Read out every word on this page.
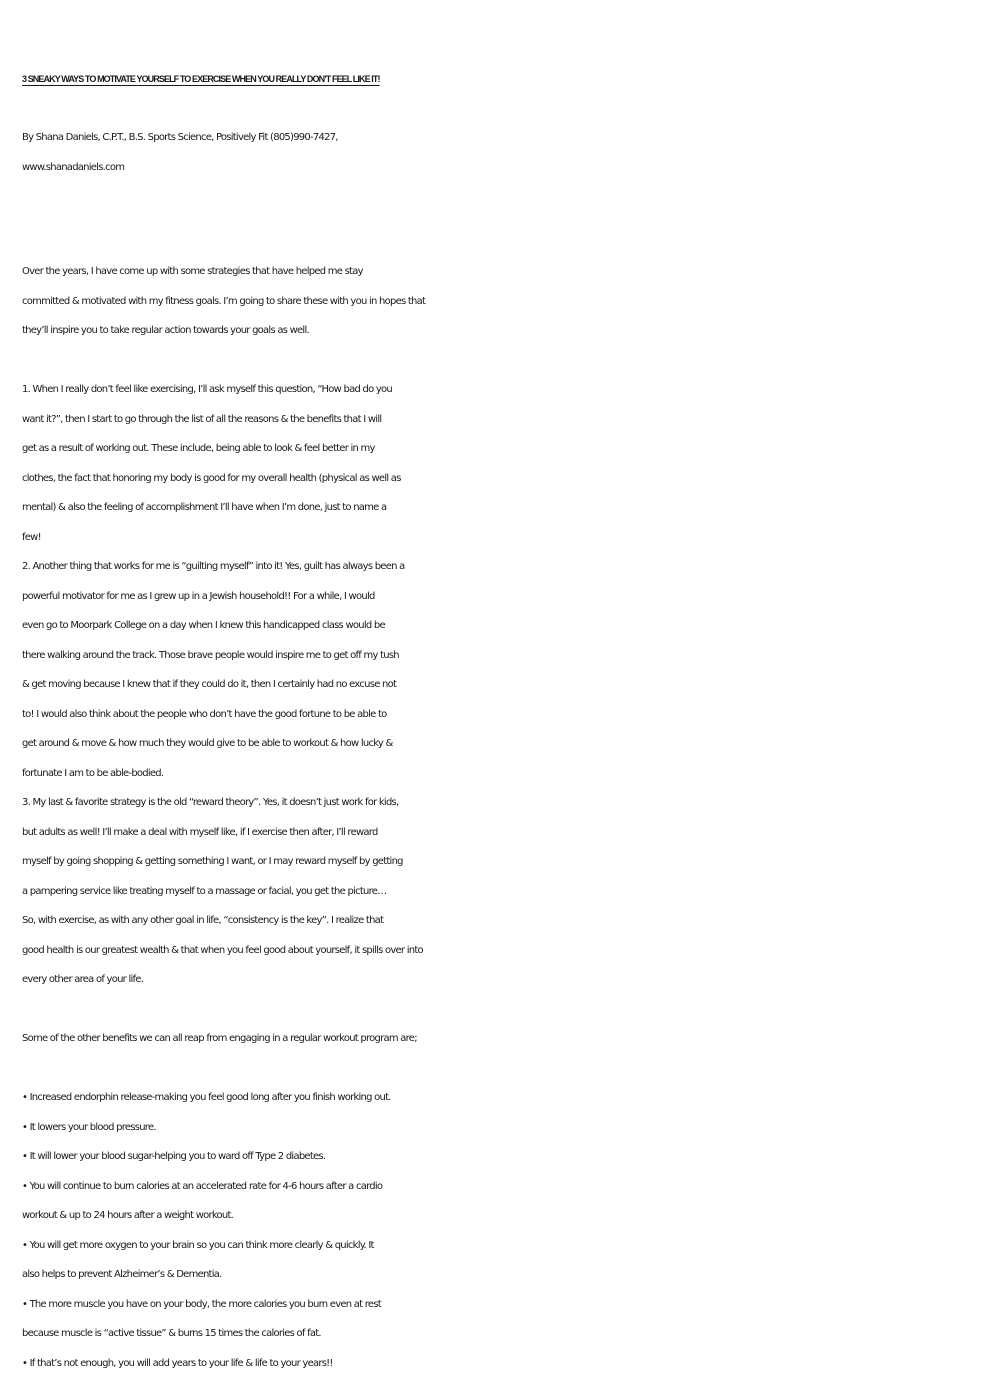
3 SNEAKY WAYS TO MOTIVATE YOURSELF TO EXERCISE WHEN YOU REALLY DON’T FEEL LIKE IT!

By Shana Daniels, C.P.T., B.S. Sports Science, Positively Fit (805)990-7427,

www.shanadaniels.com

Over the years, I have come up with some strategies that have helped me stay

committed & motivated with my fitness goals. I’m going to share these with you in hopes that

they’ll inspire you to take regular action towards your goals as well.

1. When I really don’t feel like exercising, I’ll ask myself this question, “How bad do you

want it?”, then I start to go through the list of all the reasons & the benefits that I will

get as a result of working out. These include, being able to look & feel better in my

clothes, the fact that honoring my body is good for my overall health (physical as well as

mental) & also the feeling of accomplishment I’ll have when I’m done, just to name a

few!

2. Another thing that works for me is “guilting myself” into it! Yes, guilt has always been a

powerful motivator for me as I grew up in a Jewish household!! For a while, I would

even go to Moorpark College on a day when I knew this handicapped class would be

there walking around the track. Those brave people would inspire me to get off my tush

& get moving because I knew that if they could do it, then I certainly had no excuse not

to! I would also think about the people who don’t have the good fortune to be able to

get around & move & how much they would give to be able to workout & how lucky &

fortunate I am to be able-bodied.

3. My last & favorite strategy is the old “reward theory”. Yes, it doesn’t just work for kids,

but adults as well! I’ll make a deal with myself like, if I exercise then after, I’ll reward

myself by going shopping & getting something I want, or I may reward myself by getting

a pampering service like treating myself to a massage or facial, you get the picture…

So, with exercise, as with any other goal in life, “consistency is the key”. I realize that

good health is our greatest wealth & that when you feel good about yourself, it spills over into

every other area of your life.

Some of the other benefits we can all reap from engaging in a regular workout program are;

• Increased endorphin release-making you feel good long after you finish working out.

• It lowers your blood pressure.

• It will lower your blood sugar-helping you to ward off Type 2 diabetes.

• You will continue to burn calories at an accelerated rate for 4-6 hours after a cardio

workout & up to 24 hours after a weight workout.

• You will get more oxygen to your brain so you can think more clearly & quickly. It

also helps to prevent Alzheimer’s & Dementia.

• The more muscle you have on your body, the more calories you burn even at rest

because muscle is “active tissue” & burns 15 times the calories of fat.

• If that’s not enough, you will add years to your life & life to your years!!
